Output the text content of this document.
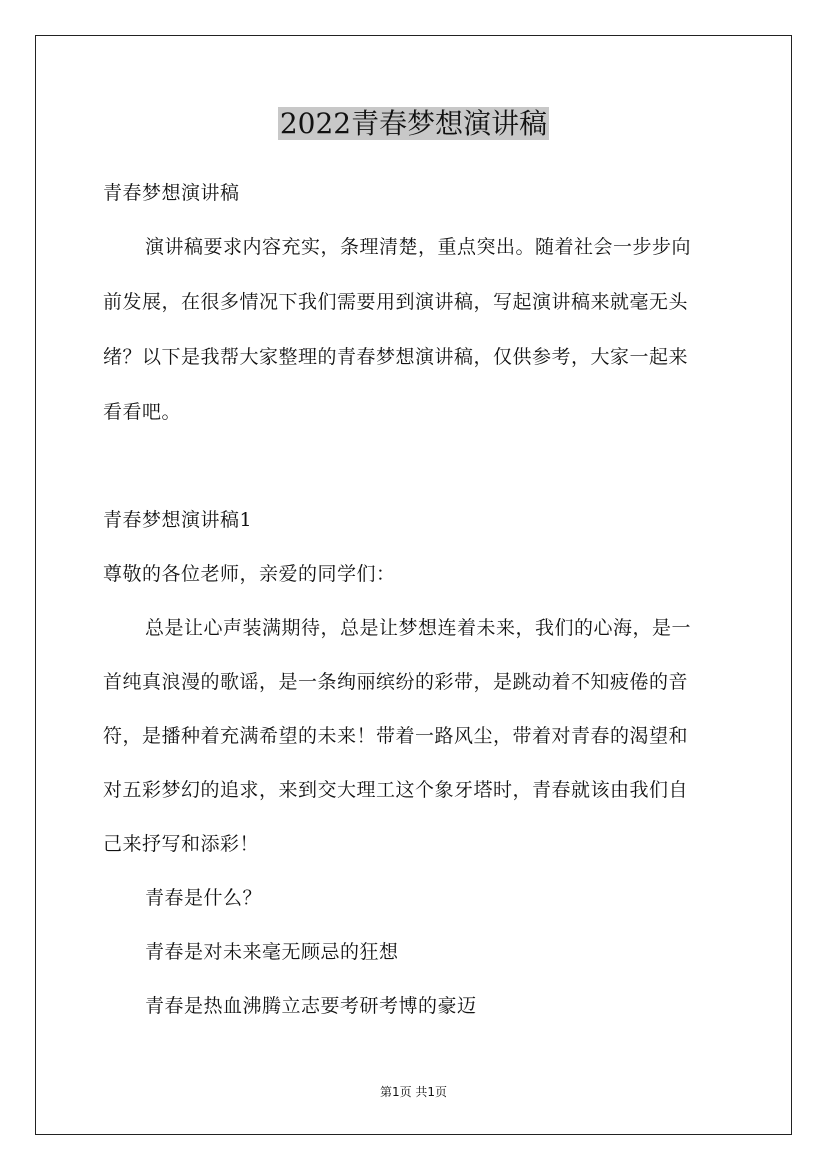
2022青春梦想演讲稿
青春梦想演讲稿
演讲稿要求内容充实，条理清楚，重点突出。随着社会一步步向
前发展，在很多情况下我们需要用到演讲稿，写起演讲稿来就毫无头
绪？以下是我帮大家整理的青春梦想演讲稿，仅供参考，大家一起来
看看吧。
青春梦想演讲稿1
尊敬的各位老师，亲爱的同学们：
总是让心声装满期待，总是让梦想连着未来，我们的心海，是一
首纯真浪漫的歌谣，是一条绚丽缤纷的彩带，是跳动着不知疲倦的音
符，是播种着充满希望的未来！带着一路风尘，带着对青春的渴望和
对五彩梦幻的追求，来到交大理工这个象牙塔时，青春就该由我们自
己来抒写和添彩！
青春是什么？
青春是对未来毫无顾忌的狂想
青春是热血沸腾立志要考研考博的豪迈
第1页 共1页
